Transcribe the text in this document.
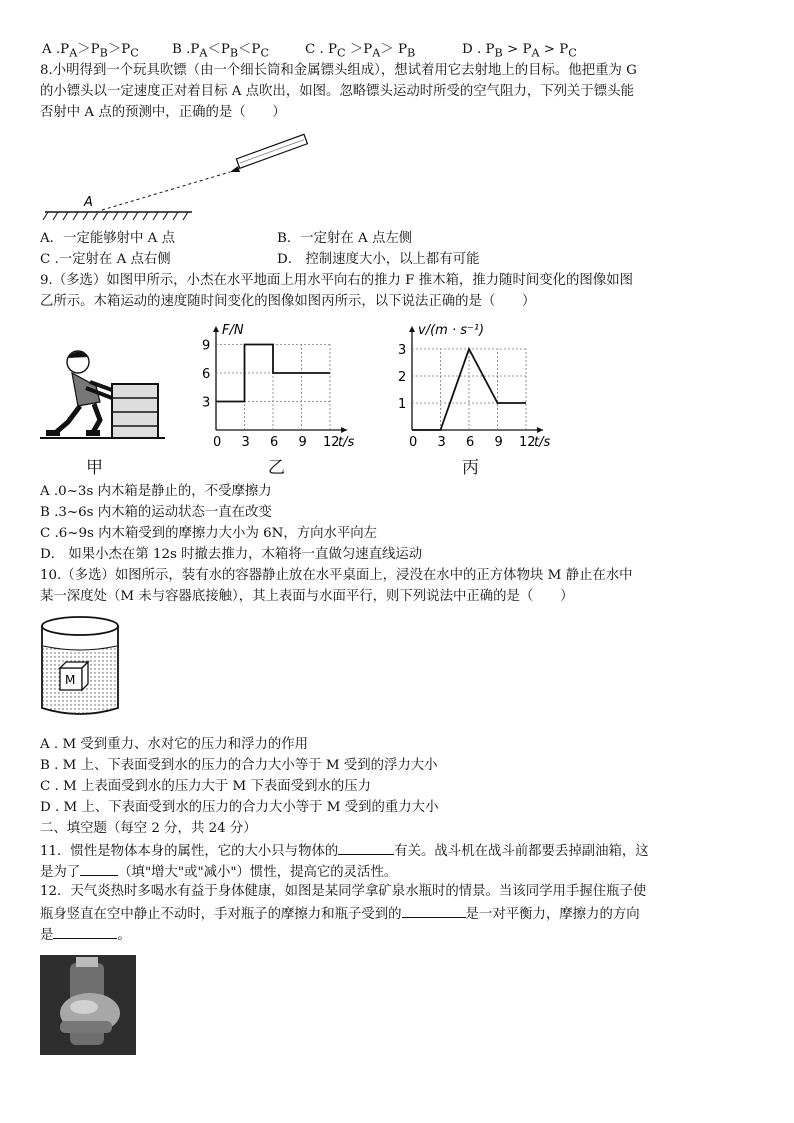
A $.P_A>P_B>P_C$ B $.P_A<P_B<P_C$	C . $P_C >P_A> P_B$	D . $P_B > P_A > P_C$
8.小明得到一个玩具吹镖（由一个细长筒和金属镖头组成），想试着用它去射地上的目标。他把重为 G
的小镖头以一定速度正对着目标 A 点吹出，如图。忽略镖头运动时所受的空气阻力，下列关于镖头能
否射中 A 点的预测中，正确的是（　　）
A
A．一定能够射中 A 点	B．一定射在 A 点左侧
C .一定射在 A 点右侧	D． 控制速度大小，以上都有可能
9.（多选）如图甲所示，小杰在水平地面上用水平向右的推力 F 推木箱，推力随时间变化的图像如图
乙所示。木箱运动的速度随时间变化的图像如图丙所示，以下说法正确的是（　　）
甲
0 3 6 9 12
3
6
9
t/s
F/N
乙
0 3 6 9 12
1
2
3
t/s
v/(m · s⁻¹)
丙
A .0~3s 内木箱是静止的，不受摩擦力
B .3~6s 内木箱的运动状态一直在改变
C .6~9s 内木箱受到的摩擦力大小为 6N，方向水平向左
D． 如果小杰在第 12s 时撤去推力，木箱将一直做匀速直线运动
10.（多选）如图所示，装有水的容器静止放在水平桌面上，浸没在水中的正方体物块 M 静止在水中
某一深度处（M 未与容器底接触），其上表面与水面平行，则下列说法中正确的是（　　）
M
A . M 受到重力、水对它的压力和浮力的作用
B . M 上、下表面受到水的压力的合力大小等于 M 受到的浮力大小
C . M 上表面受到水的压力大于 M 下表面受到水的压力
D . M 上、下表面受到水的压力的合力大小等于 M 受到的重力大小
二、填空题（每空 2 分，共 24 分）
11．惯性是物体本身的属性，它的大小只与物体的	有关。战斗机在战斗前都要丢掉副油箱，这
是为了	（填"增大"或"减小"）惯性，提高它的灵活性。
12．天气炎热时多喝水有益于身体健康，如图是某同学拿矿泉水瓶时的情景。当该同学用手握住瓶子使
瓶身竖直在空中静止不动时，手对瓶子的摩擦力和瓶子受到的	是一对平衡力，摩擦力的方向
是	。
